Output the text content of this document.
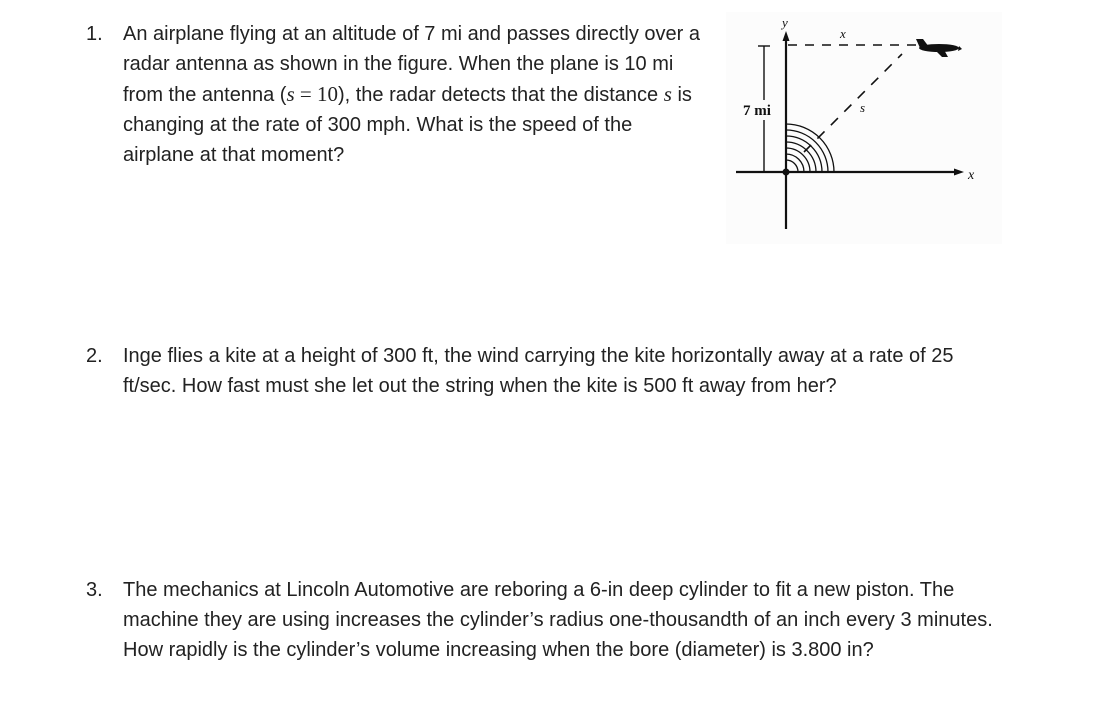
1. An airplane flying at an altitude of 7 mi and passes directly over a radar antenna as shown in the figure. When the plane is 10 mi from the antenna (s = 10), the radar detects that the distance s is changing at the rate of 300 mph. What is the speed of the airplane at that moment?
y
x
7 mi
x
s
2. Inge flies a kite at a height of 300 ft, the wind carrying the kite horizontally away at a rate of 25 ft/sec. How fast must she let out the string when the kite is 500 ft away from her?
3. The mechanics at Lincoln Automotive are reboring a 6-in deep cylinder to fit a new piston. The machine they are using increases the cylinder’s radius one-thousandth of an inch every 3 minutes. How rapidly is the cylinder’s volume increasing when the bore (diameter) is 3.800 in?
